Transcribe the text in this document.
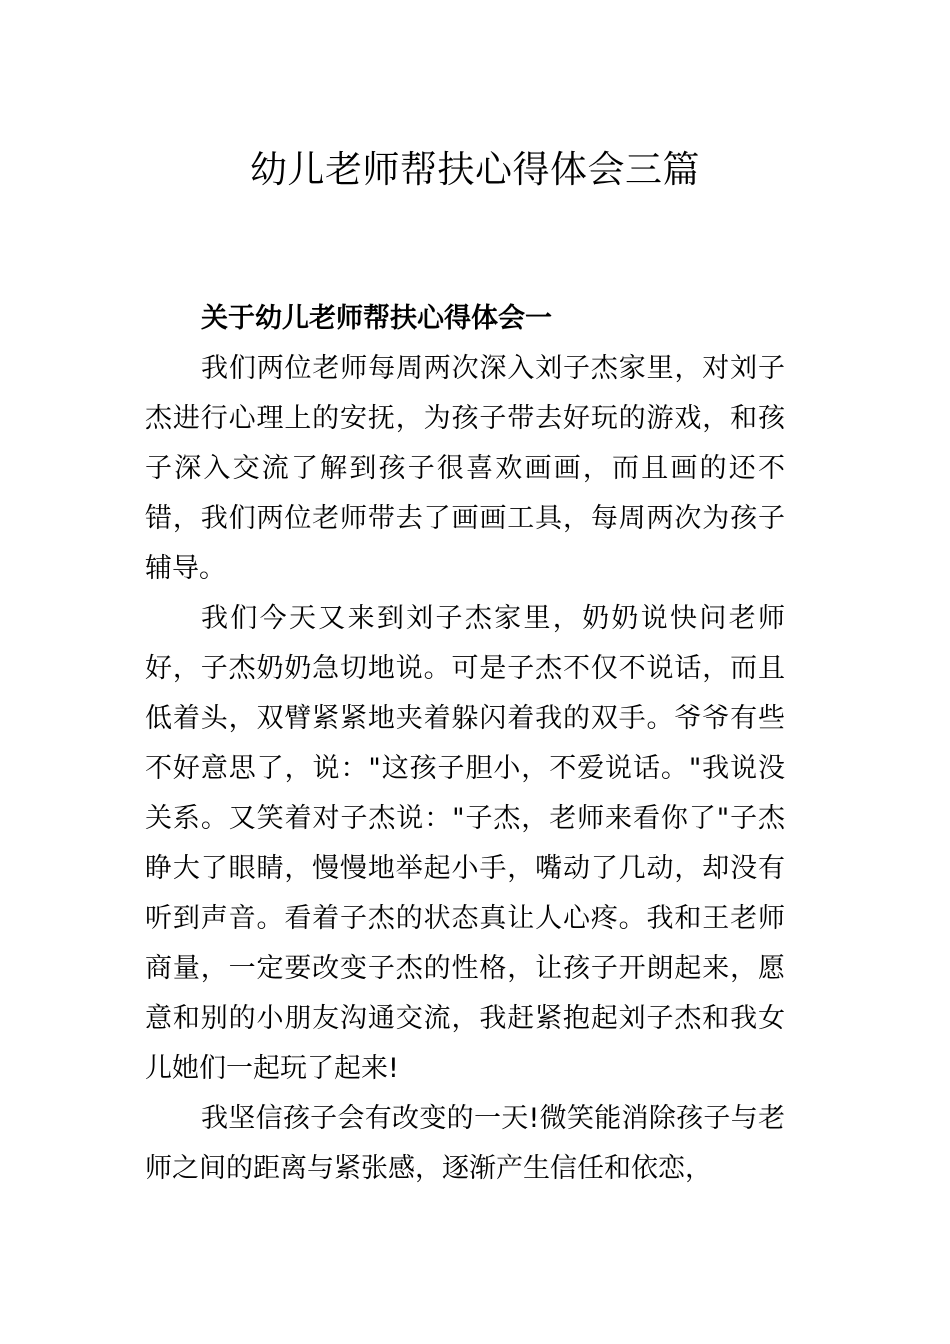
幼儿老师帮扶心得体会三篇
关于幼儿老师帮扶心得体会一

我们两位老师每周两次深入刘子杰家里，对刘子杰进行心理上的安抚，为孩子带去好玩的游戏，和孩子深入交流了解到孩子很喜欢画画，而且画的还不错，我们两位老师带去了画画工具，每周两次为孩子辅导。

我们今天又来到刘子杰家里，奶奶说快问老师好，子杰奶奶急切地说。可是子杰不仅不说话，而且低着头，双臂紧紧地夹着躲闪着我的双手。爷爷有些不好意思了，说："这孩子胆小，不爱说话。"我说没关系。又笑着对子杰说："子杰，老师来看你了"子杰睁大了眼睛，慢慢地举起小手，嘴动了几动，却没有听到声音。看着子杰的状态真让人心疼。我和王老师商量，一定要改变子杰的性格，让孩子开朗起来，愿意和别的小朋友沟通交流，我赶紧抱起刘子杰和我女儿她们一起玩了起来!

我坚信孩子会有改变的一天!微笑能消除孩子与老师之间的距离与紧张感，逐渐产生信任和依恋，
